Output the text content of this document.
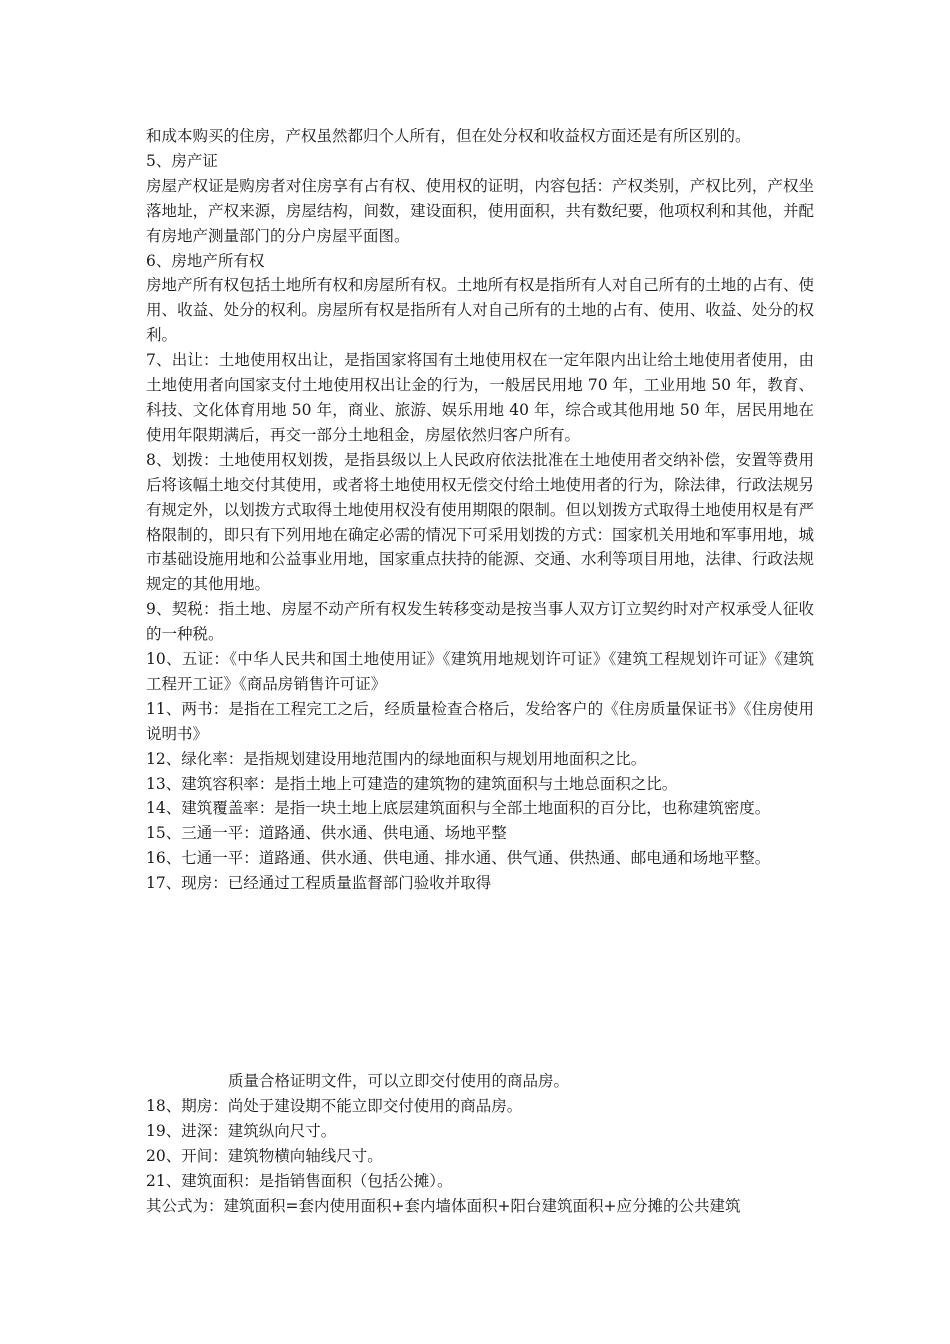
和成本购买的住房，产权虽然都归个人所有，但在处分权和收益权方面还是有所区别的。

5、房产证

房屋产权证是购房者对住房享有占有权、使用权的证明，内容包括：产权类别，产权比列，产权坐落地址，产权来源，房屋结构，间数，建设面积，使用面积，共有数纪要，他项权利和其他，并配有房地产测量部门的分户房屋平面图。

6、房地产所有权

房地产所有权包括土地所有权和房屋所有权。土地所有权是指所有人对自己所有的土地的占有、使用、收益、处分的权利。房屋所有权是指所有人对自己所有的土地的占有、使用、收益、处分的权利。

7、出让：土地使用权出让，是指国家将国有土地使用权在一定年限内出让给土地使用者使用，由土地使用者向国家支付土地使用权出让金的行为，一般居民用地 70 年，工业用地 50 年，教育、科技、文化体育用地 50 年，商业、旅游、娱乐用地 40 年，综合或其他用地 50 年，居民用地在使用年限期满后，再交一部分土地租金，房屋依然归客户所有。

8、划拨：土地使用权划拨，是指县级以上人民政府依法批准在土地使用者交纳补偿，安置等费用后将该幅土地交付其使用，或者将土地使用权无偿交付给土地使用者的行为，除法律，行政法规另有规定外，以划拨方式取得土地使用权没有使用期限的限制。但以划拨方式取得土地使用权是有严格限制的，即只有下列用地在确定必需的情况下可采用划拨的方式：国家机关用地和军事用地，城市基础设施用地和公益事业用地，国家重点扶持的能源、交通、水利等项目用地，法律、行政法规规定的其他用地。

9、契税：指土地、房屋不动产所有权发生转移变动是按当事人双方订立契约时对产权承受人征收的一种税。

10、五证：《中华人民共和国土地使用证》《建筑用地规划许可证》《建筑工程规划许可证》《建筑工程开工证》《商品房销售许可证》

11、两书：是指在工程完工之后，经质量检查合格后，发给客户的《住房质量保证书》《住房使用说明书》

12、绿化率：是指规划建设用地范围内的绿地面积与规划用地面积之比。

13、建筑容积率：是指土地上可建造的建筑物的建筑面积与土地总面积之比。

14、建筑覆盖率：是指一块土地上底层建筑面积与全部土地面积的百分比，也称建筑密度。

15、三通一平：道路通、供水通、供电通、场地平整

16、七通一平：道路通、供水通、供电通、排水通、供气通、供热通、邮电通和场地平整。

17、现房：已经通过工程质量监督部门验收并取得

质量合格证明文件，可以立即交付使用的商品房。

18、期房：尚处于建设期不能立即交付使用的商品房。

19、进深：建筑纵向尺寸。

20、开间：建筑物横向轴线尺寸。

21、建筑面积：是指销售面积（包括公摊）。

其公式为：建筑面积=套内使用面积+套内墙体面积+阳台建筑面积+应分摊的公共建筑
